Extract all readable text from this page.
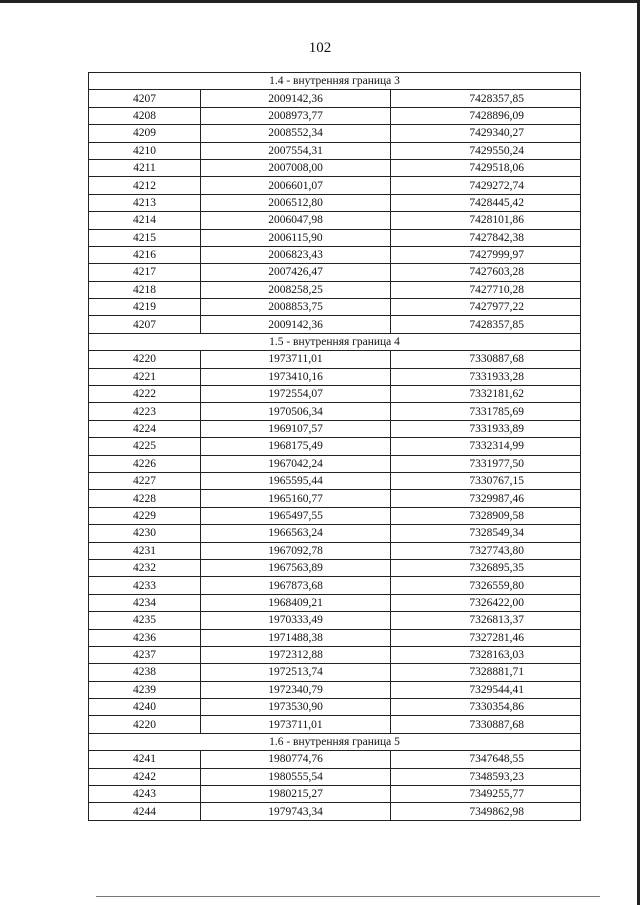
102
1.4 - внутренняя граница 3		
4207	2009142,36	7428357,85
4208	2008973,77	7428896,09
4209	2008552,34	7429340,27
4210	2007554,31	7429550,24
4211	2007008,00	7429518,06
4212	2006601,07	7429272,74
4213	2006512,80	7428445,42
4214	2006047,98	7428101,86
4215	2006115,90	7427842,38
4216	2006823,43	7427999,97
4217	2007426,47	7427603,28
4218	2008258,25	7427710,28
4219	2008853,75	7427977,22
4207	2009142,36	7428357,85
1.5 - внутренняя граница 4		
4220	1973711,01	7330887,68
4221	1973410,16	7331933,28
4222	1972554,07	7332181,62
4223	1970506,34	7331785,69
4224	1969107,57	7331933,89
4225	1968175,49	7332314,99
4226	1967042,24	7331977,50
4227	1965595,44	7330767,15
4228	1965160,77	7329987,46
4229	1965497,55	7328909,58
4230	1966563,24	7328549,34
4231	1967092,78	7327743,80
4232	1967563,89	7326895,35
4233	1967873,68	7326559,80
4234	1968409,21	7326422,00
4235	1970333,49	7326813,37
4236	1971488,38	7327281,46
4237	1972312,88	7328163,03
4238	1972513,74	7328881,71
4239	1972340,79	7329544,41
4240	1973530,90	7330354,86
4220	1973711,01	7330887,68
1.6 - внутренняя граница 5		
4241	1980774,76	7347648,55
4242	1980555,54	7348593,23
4243	1980215,27	7349255,77
4244	1979743,34	7349862,98
